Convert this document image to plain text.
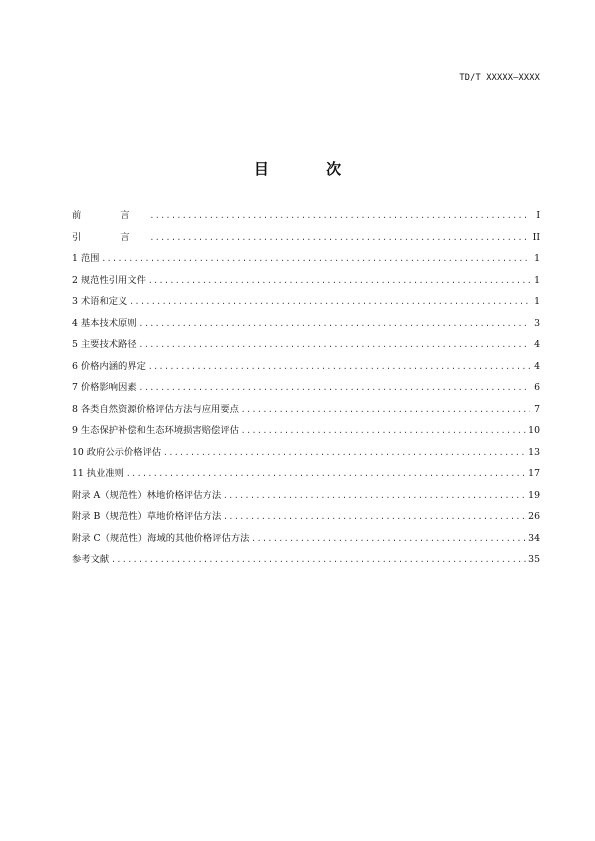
TD/T XXXXX—XXXX
目 次
前 言 .....	I
引 言 .....	II
1 范围 .....	1
2 规范性引用文件 .....	1
3 术语和定义 .....	1
4 基本技术原则 .....	3
5 主要技术路径 .....	4
6 价格内涵的界定 .....	4
7 价格影响因素 .....	6
8 各类自然资源价格评估方法与应用要点 .....	7
9 生态保护补偿和生态环境损害赔偿评估 .....	10
10 政府公示价格评估 .....	13
11 执业准则 .....	17
附录 A（规范性）林地价格评估方法 .....	19
附录 B（规范性）草地价格评估方法 .....	26
附录 C（规范性）海域的其他价格评估方法 .....	34
参考文献 .....	35
